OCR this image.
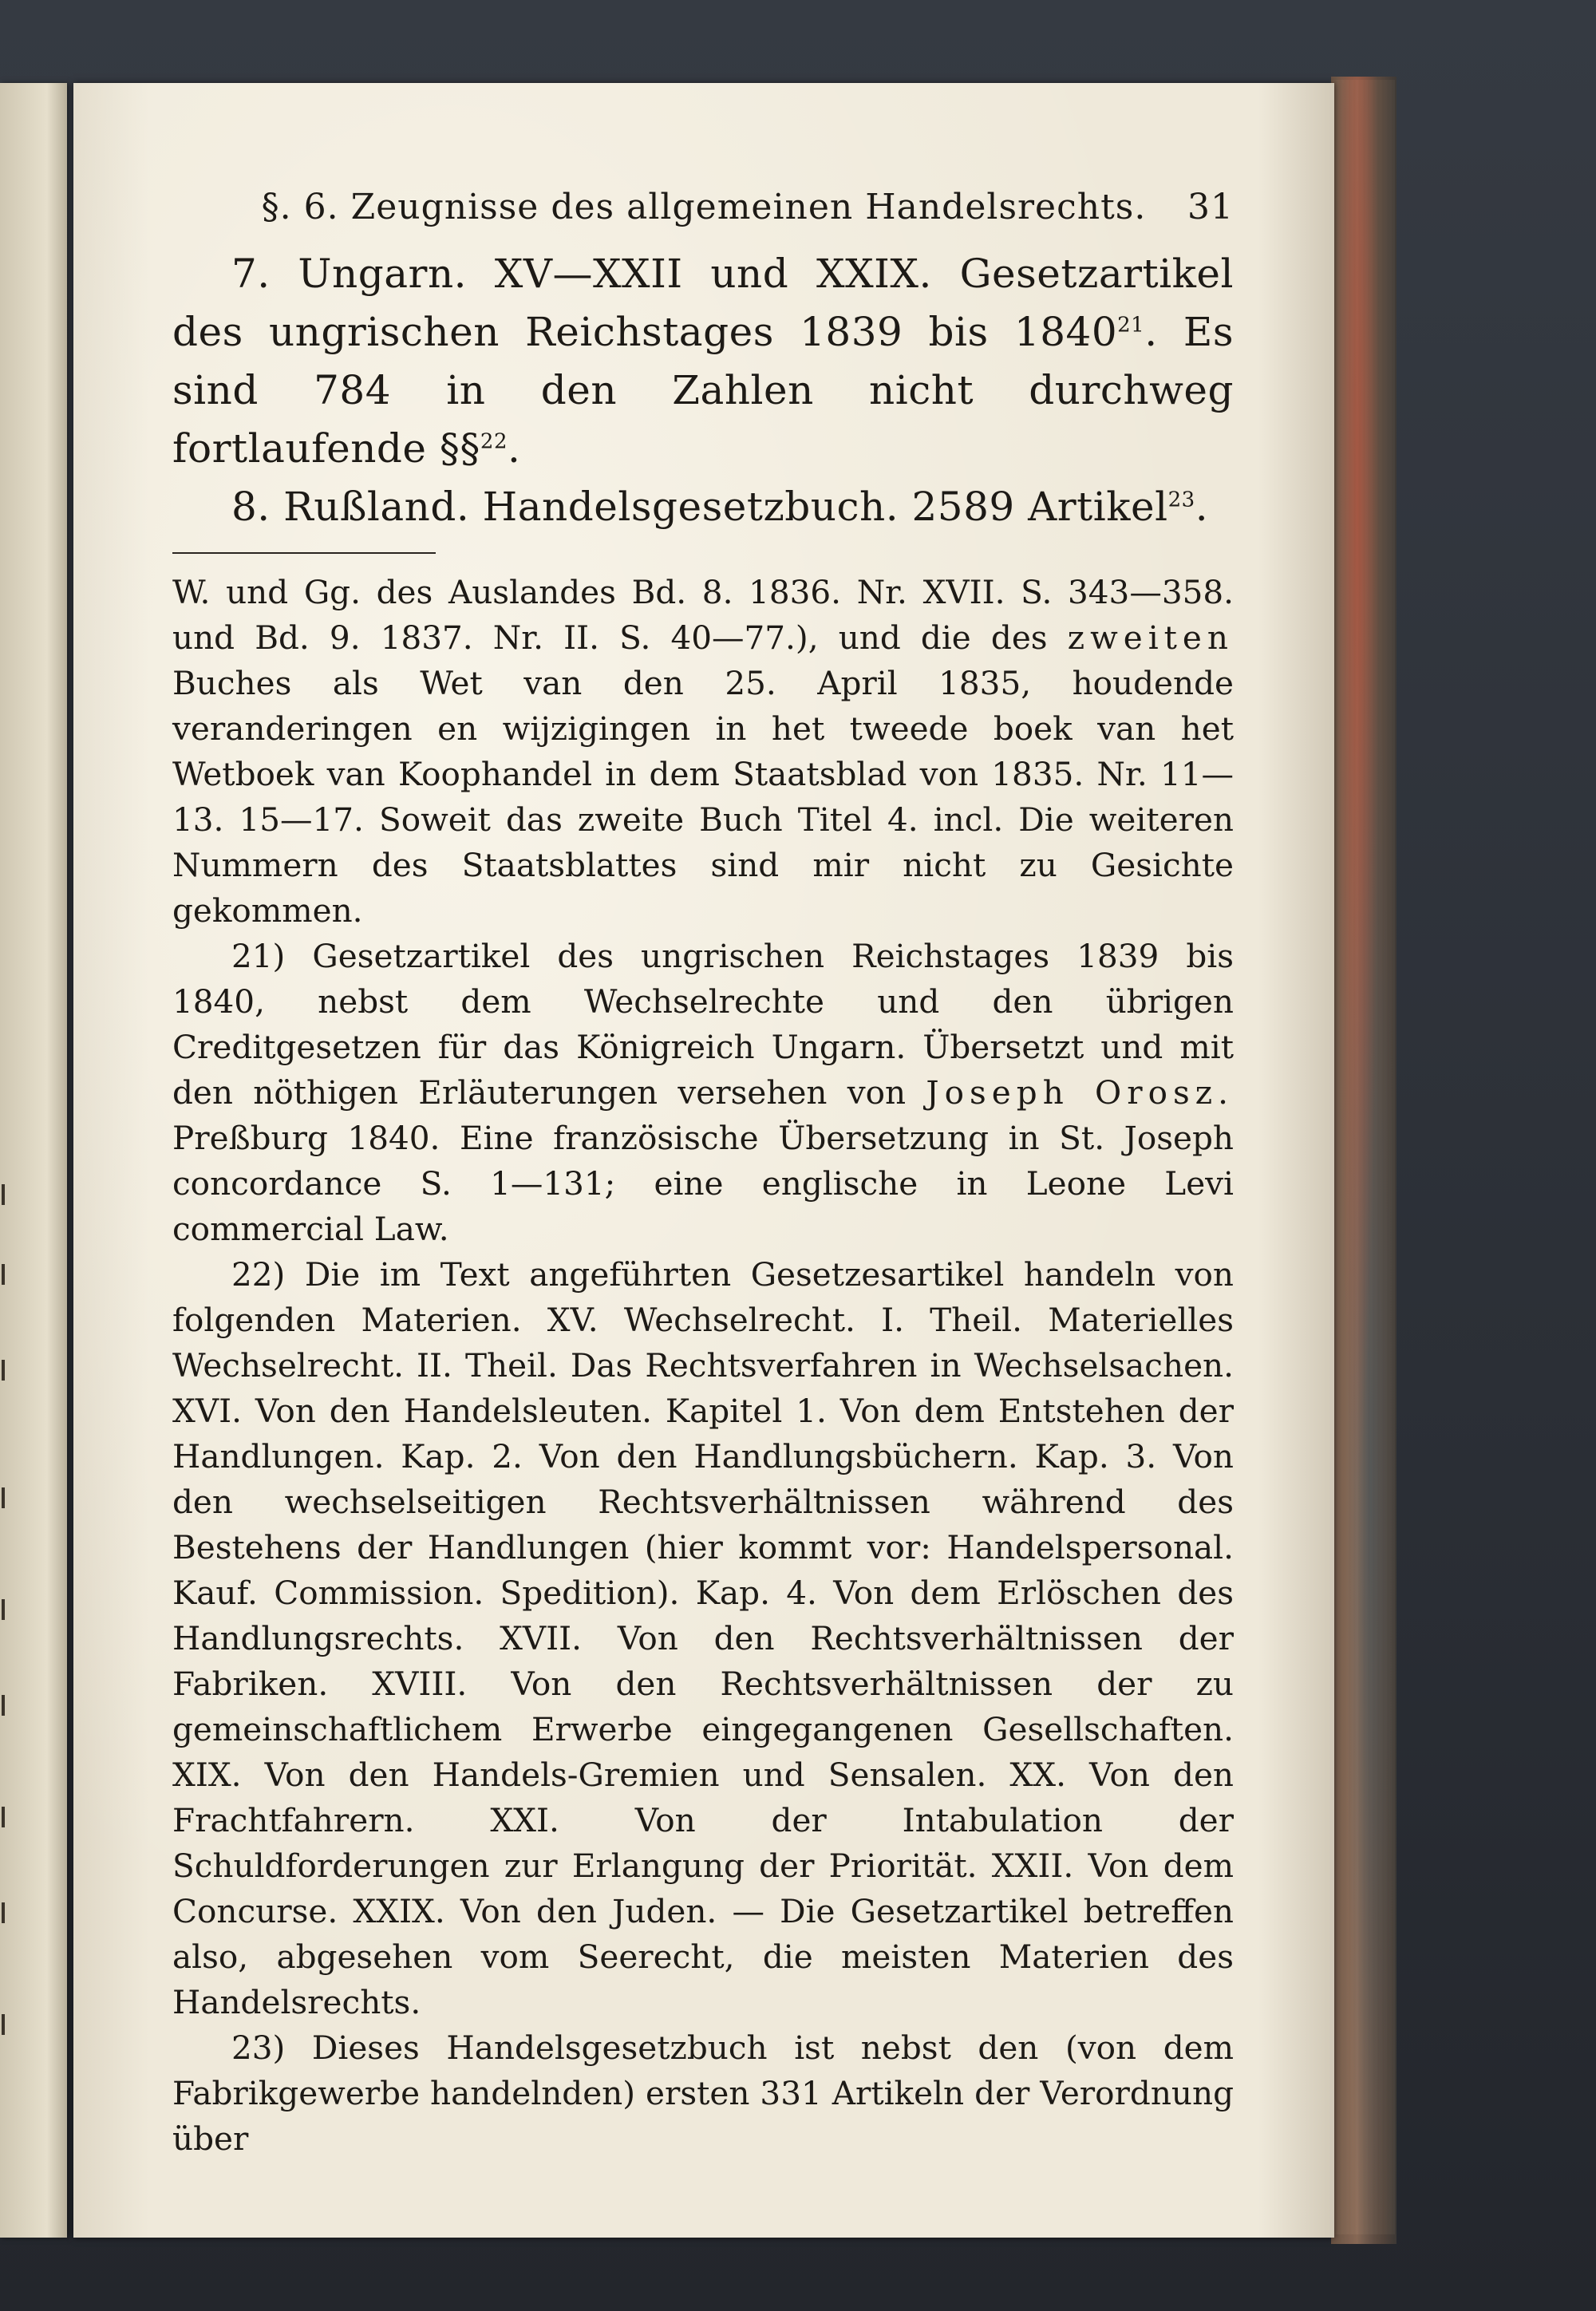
§. 6. Zeugnisse des allgemeinen Handelsrechts.	31

7. Ungarn. XV—XXII und XXIX. Gesetzartikel des ungrischen Reichstages 1839 bis 1840$^{21}$. Es sind 784 in den Zahlen nicht durchweg fortlaufende §§$^{22}$.

8. Rußland. Handelsgesetzbuch. 2589 Artikel$^{23}$.

W. und Gg. des Auslandes Bd. 8. 1836. Nr. XVII. S. 343—358. und Bd. 9. 1837. Nr. II. S. 40—77.), und die des zweiten Buches als Wet van den 25. April 1835, houdende veranderingen en wijzigingen in het tweede boek van het Wetboek van Koophandel in dem Staatsblad von 1835. Nr. 11—13. 15—17. Soweit das zweite Buch Titel 4. incl. Die weiteren Nummern des Staatsblattes sind mir nicht zu Gesichte gekommen.

21) Gesetzartikel des ungrischen Reichstages 1839 bis 1840, nebst dem Wechselrechte und den übrigen Creditgesetzen für das Königreich Ungarn. Übersetzt und mit den nöthigen Erläuterungen versehen von Joseph Orosz. Preßburg 1840. Eine französische Übersetzung in St. Joseph concordance S. 1—131; eine englische in Leone Levi commercial Law.

22) Die im Text angeführten Gesetzesartikel handeln von folgenden Materien. XV. Wechselrecht. I. Theil. Materielles Wechselrecht. II. Theil. Das Rechtsverfahren in Wechselsachen. XVI. Von den Handelsleuten. Kapitel 1. Von dem Entstehen der Handlungen. Kap. 2. Von den Handlungsbüchern. Kap. 3. Von den wechselseitigen Rechtsverhältnissen während des Bestehens der Handlungen (hier kommt vor: Handelspersonal. Kauf. Commission. Spedition). Kap. 4. Von dem Erlöschen des Handlungsrechts. XVII. Von den Rechtsverhältnissen der Fabriken. XVIII. Von den Rechtsverhältnissen der zu gemeinschaftlichem Erwerbe eingegangenen Gesellschaften. XIX. Von den Handels-Gremien und Sensalen. XX. Von den Frachtfahrern. XXI. Von der Intabulation der Schuldforderungen zur Erlangung der Priorität. XXII. Von dem Concurse. XXIX. Von den Juden. — Die Gesetzartikel betreffen also, abgesehen vom Seerecht, die meisten Materien des Handelsrechts.

23) Dieses Handelsgesetzbuch ist nebst den (von dem Fabrikgewerbe handelnden) ersten 331 Artikeln der Verordnung über
